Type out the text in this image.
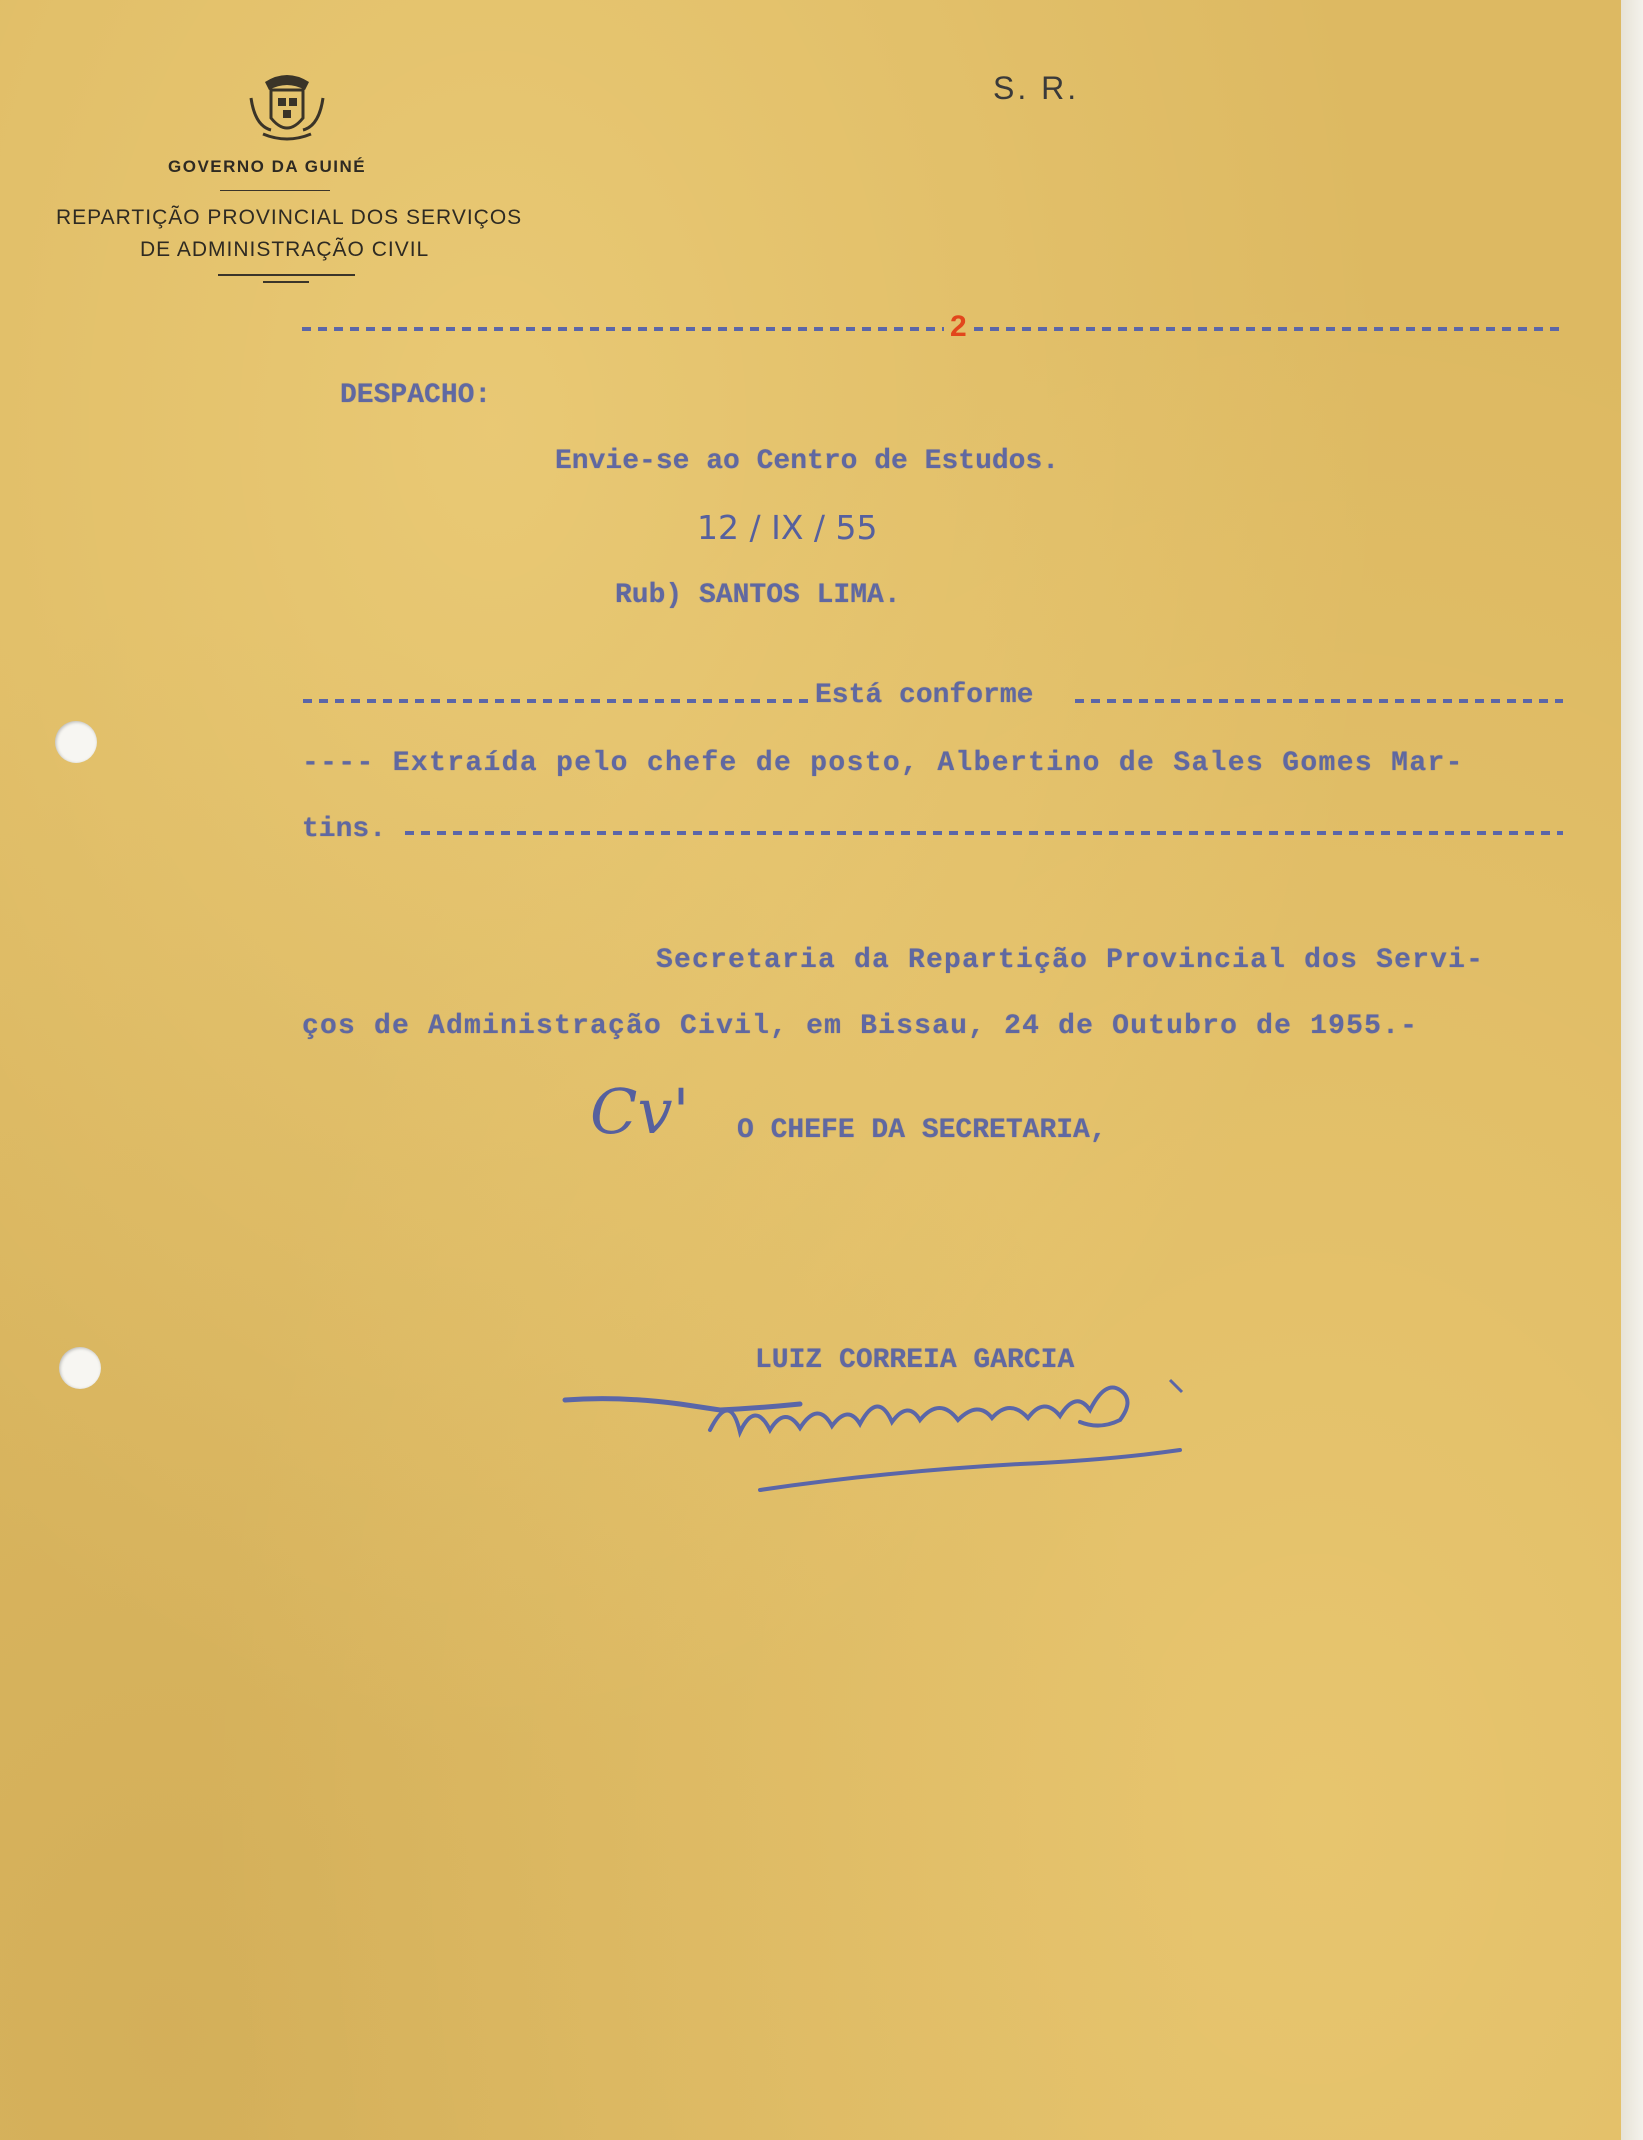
GOVERNO DA GUINÉ
REPARTIÇÃO PROVINCIAL DOS SERVIÇOS
DE ADMINISTRAÇÃO CIVIL
S. R.
2
DESPACHO:
Envie-se ao Centro de Estudos.
12 / IX / 55
Rub) SANTOS LIMA.
Está conforme
---- Extraída pelo chefe de posto, Albertino de Sales Gomes Mar-
tins.
Secretaria da Repartição Provincial dos Servi-
ços de Administração Civil, em Bissau, 24 de Outubro de 1955.-
Cv' O CHEFE DA SECRETARIA,
LUIZ CORREIA GARCIA
